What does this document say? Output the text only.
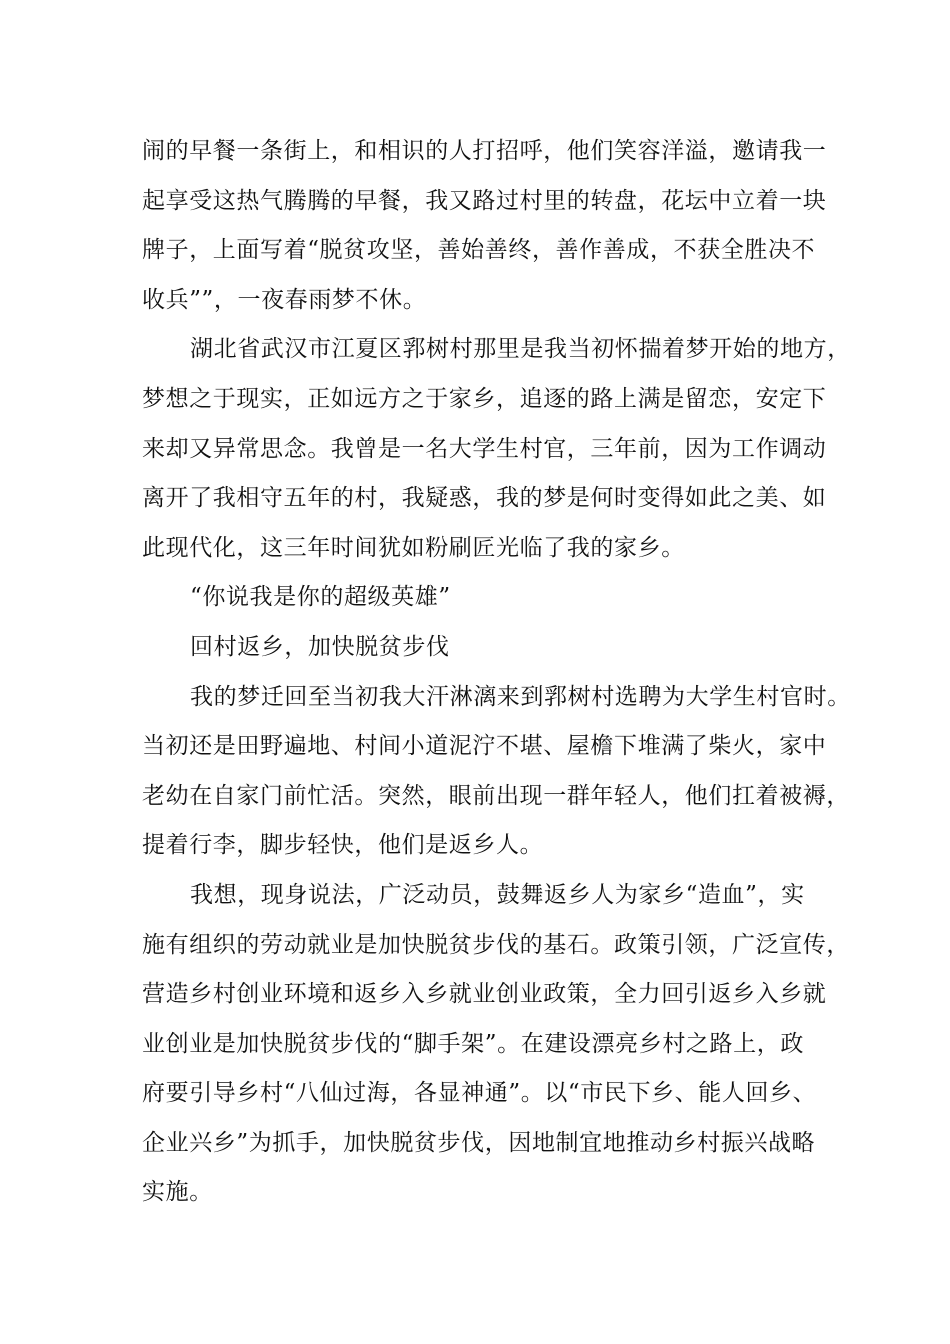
闹的早餐一条街上，和相识的人打招呼，他们笑容洋溢，邀请我一
起享受这热气腾腾的早餐，我又路过村里的转盘，花坛中立着一块
牌子，上面写着“脱贫攻坚，善始善终，善作善成，不获全胜决不
收兵””，一夜春雨梦不休。
湖北省武汉市江夏区郛树村那里是我当初怀揣着梦开始的地方，
梦想之于现实，正如远方之于家乡，追逐的路上满是留恋，安定下
来却又异常思念。我曾是一名大学生村官，三年前，因为工作调动
离开了我相守五年的村，我疑惑，我的梦是何时变得如此之美、如
此现代化，这三年时间犹如粉刷匠光临了我的家乡。
“你说我是你的超级英雄”
回村返乡，加快脱贫步伐
我的梦迁回至当初我大汗淋漓来到郛树村选聘为大学生村官时。
当初还是田野遍地、村间小道泥泞不堪、屋檐下堆满了柴火，家中
老幼在自家门前忙活。突然，眼前出现一群年轻人，他们扛着被褥，
提着行李，脚步轻快，他们是返乡人。
我想，现身说法，广泛动员，鼓舞返乡人为家乡“造血”，实
施有组织的劳动就业是加快脱贫步伐的基石。政策引领，广泛宣传，
营造乡村创业环境和返乡入乡就业创业政策，全力回引返乡入乡就
业创业是加快脱贫步伐的“脚手架”。在建设漂亮乡村之路上，政
府要引导乡村“八仙过海，各显神通”。以“市民下乡、能人回乡、
企业兴乡”为抓手，加快脱贫步伐，因地制宜地推动乡村振兴战略
实施。
